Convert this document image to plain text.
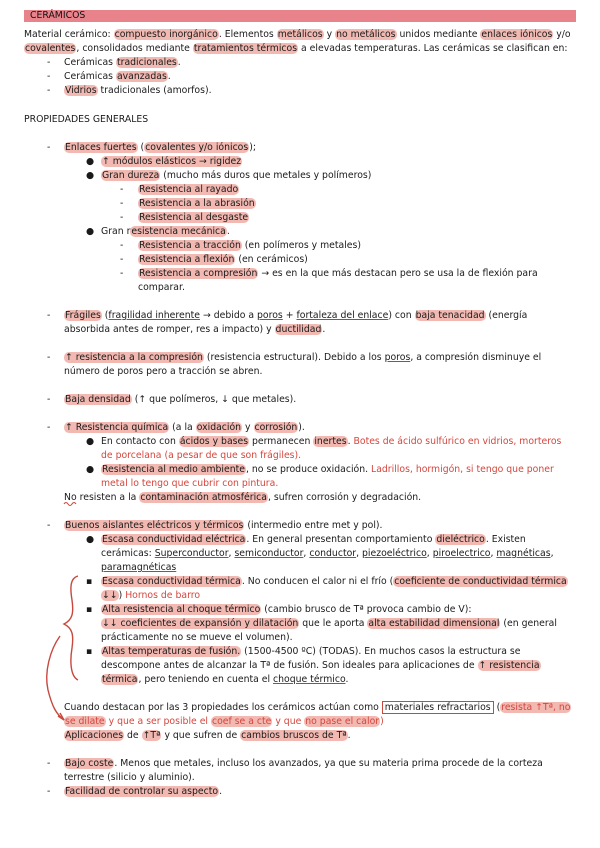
CERÁMICOS
Material cerámico: compuesto inorgánico. Elementos metálicos y no metálicos unidos mediante enlaces iónicos y/o
covalentes, consolidados mediante tratamientos térmicos a elevadas temperaturas. Las cerámicas se clasifican en:
- Cerámicas tradicionales.
- Cerámicas avanzadas.
- Vidrios tradicionales (amorfos).
PROPIEDADES GENERALES
- Enlaces fuertes (covalentes y/o iónicos);
● ↑ módulos elásticos → rigidez
● Gran dureza (mucho más duros que metales y polímeros)
- Resistencia al rayado
- Resistencia a la abrasión
- Resistencia al desgaste
● Gran resistencia mecánica.
- Resistencia a tracción (en polímeros y metales)
- Resistencia a flexión (en cerámicos)
- Resistencia a compresión → es en la que más destacan pero se usa la de flexión para
comparar.
- Frágiles (fragilidad inherente → debido a poros + fortaleza del enlace) con baja tenacidad (energía
absorbida antes de romper, res a impacto) y ductilidad.
- ↑ resistencia a la compresión (resistencia estructural). Debido a los poros, a compresión disminuye el
número de poros pero a tracción se abren.
- Baja densidad (↑ que polímeros, ↓ que metales).
- ↑ Resistencia química (a la oxidación y corrosión).
● En contacto con ácidos y bases permanecen inertes. Botes de ácido sulfúrico en vidrios, morteros
de porcelana (a pesar de que son frágiles).
● Resistencia al medio ambiente, no se produce oxidación. Ladrillos, hormigón, si tengo que poner
metal lo tengo que cubrir con pintura.
No resisten a la contaminación atmosférica, sufren corrosión y degradación.
- Buenos aislantes eléctricos y térmicos (intermedio entre met y pol).
● Escasa conductividad eléctrica. En general presentan comportamiento dieléctrico. Existen
cerámicas: Superconductor, semiconductor, conductor, piezoeléctrico, piroelectrico, magnéticas,
paramagnéticas
▪ Escasa conductividad térmica. No conducen el calor ni el frío (coeficiente de conductividad térmica
↓↓) Hornos de barro
▪ Alta resistencia al choque térmico (cambio brusco de Tª provoca cambio de V):
↓↓ coeficientes de expansión y dilatación que le aporta alta estabilidad dimensional (en general
prácticamente no se mueve el volumen).
▪ Altas temperaturas de fusión. (1500-4500 ºC) (TODAS). En muchos casos la estructura se
descompone antes de alcanzar la Tª de fusión. Son ideales para aplicaciones de ↑ resistencia
térmica, pero teniendo en cuenta el choque térmico.
Cuando destacan por las 3 propiedades los cerámicos actúan como materiales refractarios (resista ↑Tª, no
se dilate y que a ser posible el coef se a cte y que no pase el calor)
Aplicaciones de ↑Tª y que sufren de cambios bruscos de Tª.
- Bajo coste. Menos que metales, incluso los avanzados, ya que su materia prima procede de la corteza
terrestre (silicio y aluminio).
- Facilidad de controlar su aspecto.
